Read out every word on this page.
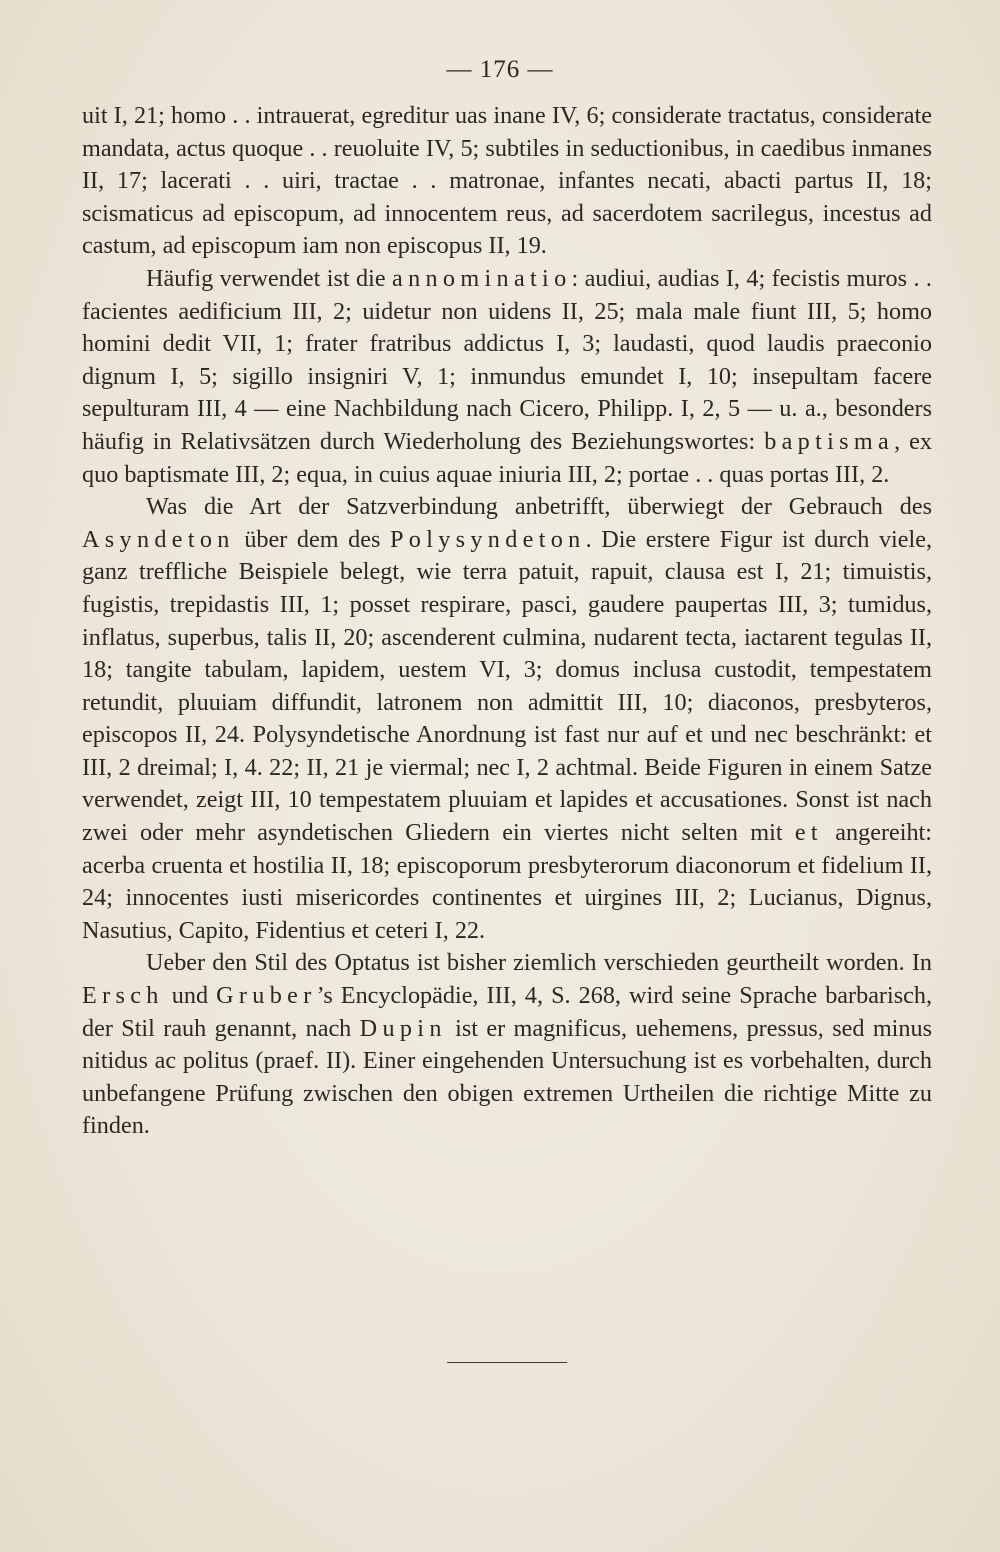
— 176 —

uit I, 21; homo . . intrauerat, egreditur uas inane IV, 6; considerate tractatus, considerate mandata, actus quoque . . reuoluite IV, 5; subtiles in seductionibus, in caedibus inmanes II, 17; lacerati . . uiri, tractae . . matronae, infantes necati, abacti partus II, 18; scismaticus ad episcopum, ad innocentem reus, ad sacerdotem sacrilegus, incestus ad castum, ad episcopum iam non episcopus II, 19.

Häufig verwendet ist die annominatio: audiui, audias I, 4; fecistis muros . . facientes aedificium III, 2; uidetur non uidens II, 25; mala male fiunt III, 5; homo homini dedit VII, 1; frater fratribus addictus I, 3; laudasti, quod laudis praeconio dignum I, 5; sigillo insigniri V, 1; inmundus emundet I, 10; insepultam facere sepulturam III, 4 — eine Nachbildung nach Cicero, Philipp. I, 2, 5 — u. a., besonders häufig in Relativsätzen durch Wiederholung des Beziehungswortes: baptisma, ex quo baptismate III, 2; equa, in cuius aquae iniuria III, 2; portae . . quas portas III, 2.

Was die Art der Satzverbindung anbetrifft, überwiegt der Gebrauch des Asyndeton über dem des Polysyndeton. Die erstere Figur ist durch viele, ganz treffliche Beispiele belegt, wie terra patuit, rapuit, clausa est I, 21; timuistis, fugistis, trepidastis III, 1; posset respirare, pasci, gaudere paupertas III, 3; tumidus, inflatus, superbus, talis II, 20; ascenderent culmina, nudarent tecta, iactarent tegulas II, 18; tangite tabulam, lapidem, uestem VI, 3; domus inclusa custodit, tempestatem retundit, pluuiam diffundit, latronem non admittit III, 10; diaconos, presbyteros, episcopos II, 24. Polysyndetische Anordnung ist fast nur auf et und nec beschränkt: et III, 2 dreimal; I, 4. 22; II, 21 je viermal; nec I, 2 achtmal. Beide Figuren in einem Satze verwendet, zeigt III, 10 tempestatem pluuiam et lapides et accusationes. Sonst ist nach zwei oder mehr asyndetischen Gliedern ein viertes nicht selten mit et angereiht: acerba cruenta et hostilia II, 18; episcoporum presbyterorum diaconorum et fidelium II, 24; innocentes iusti misericordes continentes et uirgines III, 2; Lucianus, Dignus, Nasutius, Capito, Fidentius et ceteri I, 22.

Ueber den Stil des Optatus ist bisher ziemlich verschieden geurtheilt worden. In Ersch und Gruber’s Encyclopädie, III, 4, S. 268, wird seine Sprache barbarisch, der Stil rauh genannt, nach Dupin ist er magnificus, uehemens, pressus, sed minus nitidus ac politus (praef. II). Einer eingehenden Untersuchung ist es vorbehalten, durch unbefangene Prüfung zwischen den obigen extremen Urtheilen die richtige Mitte zu finden.
